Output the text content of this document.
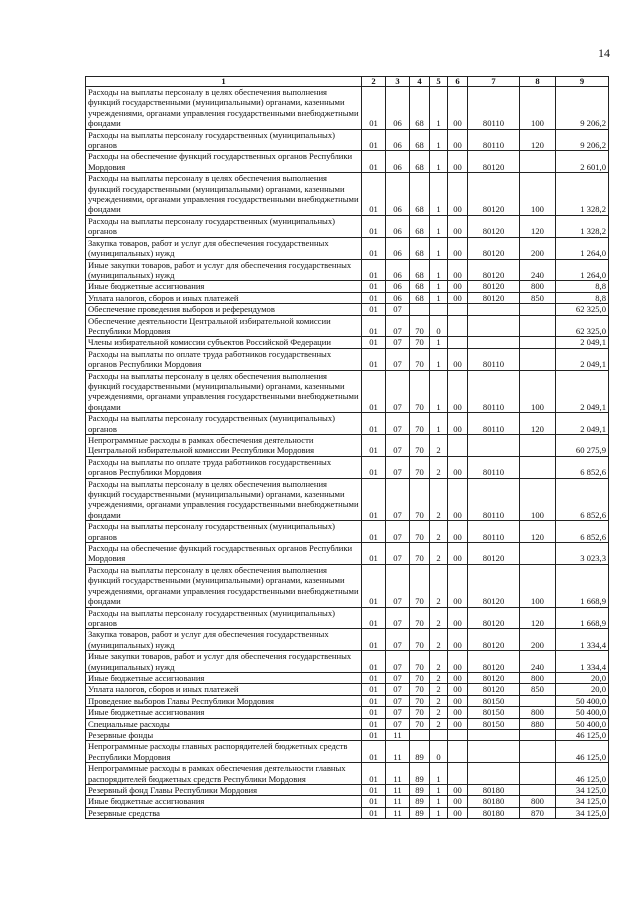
14
1	2	3	4	5	6	7	8	9
Расходы на выплаты персоналу в целях обеспечения выполнения функций государственными (муниципальными) органами, казенными учреждениями, органами управления государственными внебюджетными фондами	01	06	68	1	00	80110	100	9 206,2
Расходы на выплаты персоналу государственных (муниципальных) органов	01	06	68	1	00	80110	120	9 206,2
Расходы на обеспечение функций государственных органов Республики Мордовия	01	06	68	1	00	80120		2 601,0
Расходы на выплаты персоналу в целях обеспечения выполнения функций государственными (муниципальными) органами, казенными учреждениями, органами управления государственными внебюджетными фондами	01	06	68	1	00	80120	100	1 328,2
Расходы на выплаты персоналу государственных (муниципальных) органов	01	06	68	1	00	80120	120	1 328,2
Закупка товаров, работ и услуг для обеспечения государственных (муниципальных) нужд	01	06	68	1	00	80120	200	1 264,0
Иные закупки товаров, работ и услуг для обеспечения государственных (муниципальных) нужд	01	06	68	1	00	80120	240	1 264,0
Иные бюджетные ассигнования	01	06	68	1	00	80120	800	8,8
Уплата налогов, сборов и иных платежей	01	06	68	1	00	80120	850	8,8
Обеспечение проведения выборов и референдумов	01	07						62 325,0
Обеспечение деятельности Центральной избирательной комиссии Республики Мордовия	01	07	70	0				62 325,0
Члены избирательной комиссии субъектов Российской Федерации	01	07	70	1				2 049,1
Расходы на выплаты по оплате труда работников государственных органов Республики Мордовия	01	07	70	1	00	80110		2 049,1
Расходы на выплаты персоналу в целях обеспечения выполнения функций государственными (муниципальными) органами, казенными учреждениями, органами управления государственными внебюджетными фондами	01	07	70	1	00	80110	100	2 049,1
Расходы на выплаты персоналу государственных (муниципальных) органов	01	07	70	1	00	80110	120	2 049,1
Непрограммные расходы в рамках обеспечения деятельности Центральной избирательной комиссии Республики Мордовия	01	07	70	2				60 275,9
Расходы на выплаты по оплате труда работников государственных органов Республики Мордовия	01	07	70	2	00	80110		6 852,6
Расходы на выплаты персоналу в целях обеспечения выполнения функций государственными (муниципальными) органами, казенными учреждениями, органами управления государственными внебюджетными фондами	01	07	70	2	00	80110	100	6 852,6
Расходы на выплаты персоналу государственных (муниципальных) органов	01	07	70	2	00	80110	120	6 852,6
Расходы на обеспечение функций государственных органов Республики Мордовия	01	07	70	2	00	80120		3 023,3
Расходы на выплаты персоналу в целях обеспечения выполнения функций государственными (муниципальными) органами, казенными учреждениями, органами управления государственными внебюджетными фондами	01	07	70	2	00	80120	100	1 668,9
Расходы на выплаты персоналу государственных (муниципальных) органов	01	07	70	2	00	80120	120	1 668,9
Закупка товаров, работ и услуг для обеспечения государственных (муниципальных) нужд	01	07	70	2	00	80120	200	1 334,4
Иные закупки товаров, работ и услуг для обеспечения государственных (муниципальных) нужд	01	07	70	2	00	80120	240	1 334,4
Иные бюджетные ассигнования	01	07	70	2	00	80120	800	20,0
Уплата налогов, сборов и иных платежей	01	07	70	2	00	80120	850	20,0
Проведение выборов Главы Республики Мордовия	01	07	70	2	00	80150		50 400,0
Иные бюджетные ассигнования	01	07	70	2	00	80150	800	50 400,0
Специальные расходы	01	07	70	2	00	80150	880	50 400,0
Резервные фонды	01	11						46 125,0
Непрограммные расходы главных распорядителей бюджетных средств Республики Мордовия	01	11	89	0				46 125,0
Непрограммные расходы в рамках обеспечения деятельности главных распорядителей бюджетных средств Республики Мордовия	01	11	89	1				46 125,0
Резервный фонд Главы Республики Мордовия	01	11	89	1	00	80180		34 125,0
Иные бюджетные ассигнования	01	11	89	1	00	80180	800	34 125,0
Резервные средства	01	11	89	1	00	80180	870	34 125,0
